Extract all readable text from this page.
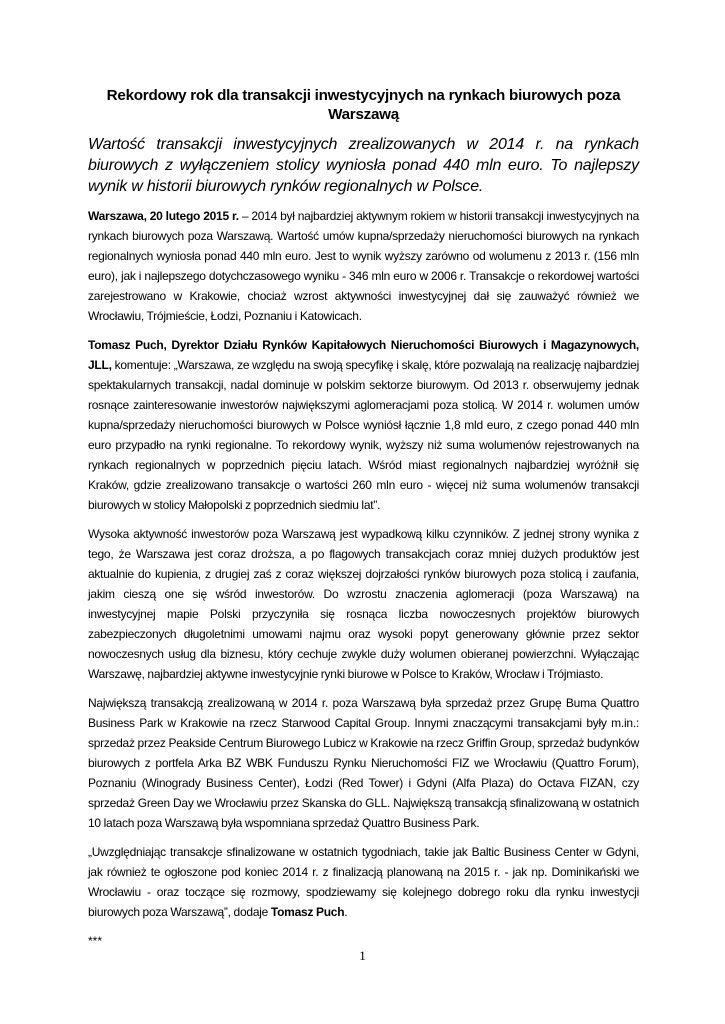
Rekordowy rok dla transakcji inwestycyjnych na rynkach biurowych poza Warszawą
Wartość transakcji inwestycyjnych zrealizowanych w 2014 r. na rynkach biurowych z wyłączeniem stolicy wyniosła ponad 440 mln euro. To najlepszy wynik w historii biurowych rynków regionalnych w Polsce.

Warszawa, 20 lutego 2015 r. – 2014 był najbardziej aktywnym rokiem w historii transakcji inwestycyjnych na rynkach biurowych poza Warszawą. Wartość umów kupna/sprzedaży nieruchomości biurowych na rynkach regionalnych wyniosła ponad 440 mln euro. Jest to wynik wyższy zarówno od wolumenu z 2013 r. (156 mln euro), jak i najlepszego dotychczasowego wyniku - 346 mln euro w 2006 r. Transakcje o rekordowej wartości zarejestrowano w Krakowie, chociaż wzrost aktywności inwestycyjnej dał się zauważyć również we Wrocławiu, Trójmieście, Łodzi, Poznaniu i Katowicach.

Tomasz Puch, Dyrektor Działu Rynków Kapitałowych Nieruchomości Biurowych i Magazynowych, JLL, komentuje: „Warszawa, ze względu na swoją specyfikę i skalę, które pozwalają na realizację najbardziej spektakularnych transakcji, nadal dominuje w polskim sektorze biurowym. Od 2013 r. obserwujemy jednak rosnące zainteresowanie inwestorów największymi aglomeracjami poza stolicą. W 2014 r. wolumen umów kupna/sprzedaży nieruchomości biurowych w Polsce wyniósł łącznie 1,8 mld euro, z czego ponad 440 mln euro przypadło na rynki regionalne. To rekordowy wynik, wyższy niż suma wolumenów rejestrowanych na rynkach regionalnych w poprzednich pięciu latach. Wśród miast regionalnych najbardziej wyróżnił się Kraków, gdzie zrealizowano transakcje o wartości 260 mln euro - więcej niż suma wolumenów transakcji biurowych w stolicy Małopolski z poprzednich siedmiu lat”.

Wysoka aktywność inwestorów poza Warszawą jest wypadkową kilku czynników. Z jednej strony wynika z tego, że Warszawa jest coraz droższa, a po flagowych transakcjach coraz mniej dużych produktów jest aktualnie do kupienia, z drugiej zaś z coraz większej dojrzałości rynków biurowych poza stolicą i zaufania, jakim cieszą one się wśród inwestorów. Do wzrostu znaczenia aglomeracji (poza Warszawą) na inwestycyjnej mapie Polski przyczyniła się rosnąca liczba nowoczesnych projektów biurowych zabezpieczonych długoletnimi umowami najmu oraz wysoki popyt generowany głównie przez sektor nowoczesnych usług dla biznesu, który cechuje zwykle duży wolumen obieranej powierzchni. Wyłączając Warszawę, najbardziej aktywne inwestycyjnie rynki biurowe w Polsce to Kraków, Wrocław i Trójmiasto.

Największą transakcją zrealizowaną w 2014 r. poza Warszawą była sprzedaż przez Grupę Buma Quattro Business Park w Krakowie na rzecz Starwood Capital Group. Innymi znaczącymi transakcjami były m.in.: sprzedaż przez Peakside Centrum Biurowego Lubicz w Krakowie na rzecz Griffin Group, sprzedaż budynków biurowych z portfela Arka BZ WBK Funduszu Rynku Nieruchomości FIZ we Wrocławiu (Quattro Forum), Poznaniu (Winogrady Business Center), Łodzi (Red Tower) i Gdyni (Alfa Plaza) do Octava FIZAN, czy sprzedaż Green Day we Wrocławiu przez Skanska do GLL. Największą transakcją sfinalizowaną w ostatnich 10 latach poza Warszawą była wspomniana sprzedaż Quattro Business Park.

„Uwzględniając transakcje sfinalizowane w ostatnich tygodniach, takie jak Baltic Business Center w Gdyni, jak również te ogłoszone pod koniec 2014 r. z finalizacją planowaną na 2015 r. - jak np. Dominikański we Wrocławiu - oraz toczące się rozmowy, spodziewamy się kolejnego dobrego roku dla rynku inwestycji biurowych poza Warszawą”, dodaje Tomasz Puch.

***
1
